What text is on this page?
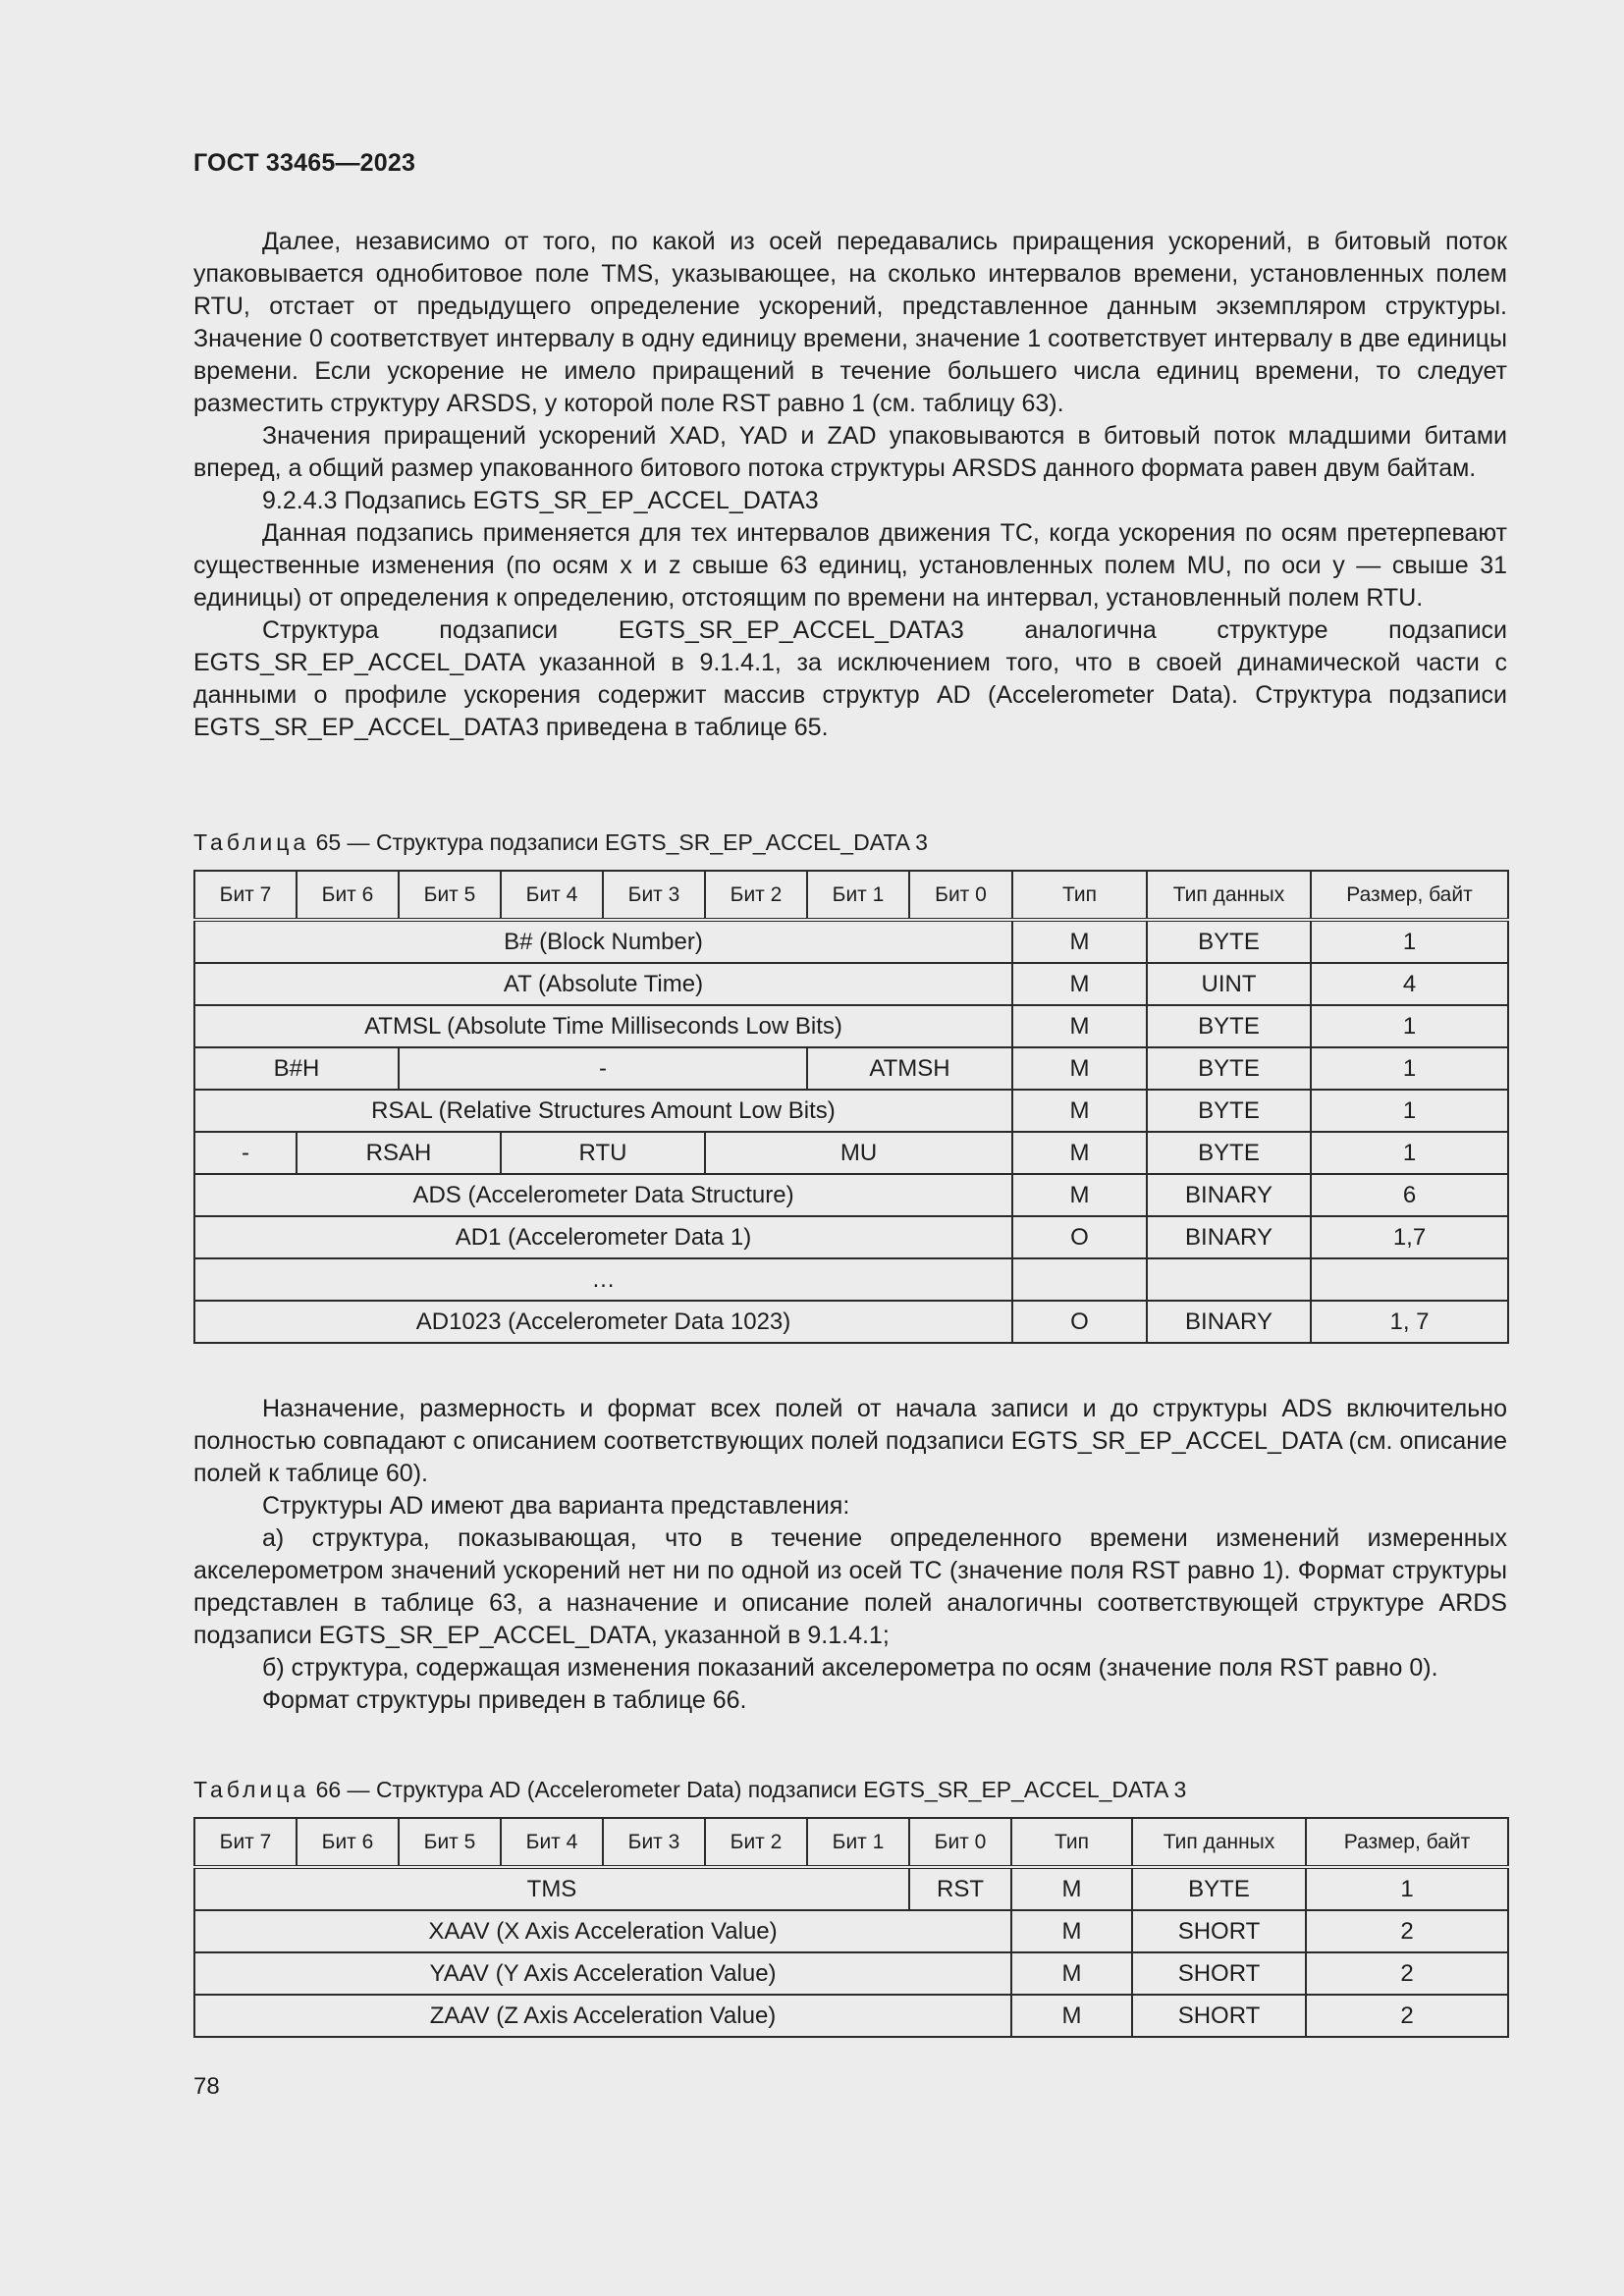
ГОСТ 33465—2023

Далее, независимо от того, по какой из осей передавались приращения ускорений, в битовый поток упаковывается однобитовое поле TMS, указывающее, на сколько интервалов времени, установленных полем RTU, отстает от предыдущего определение ускорений, представленное данным экземпляром структуры. Значение 0 соответствует интервалу в одну единицу времени, значение 1 соответствует интервалу в две единицы времени. Если ускорение не имело приращений в течение большего числа единиц времени, то следует разместить структуру ARSDS, у которой поле RST равно 1 (см. таблицу 63).

Значения приращений ускорений XAD, YAD и ZAD упаковываются в битовый поток младшими битами вперед, а общий размер упакованного битового потока структуры ARSDS данного формата равен двум байтам.

9.2.4.3 Подзапись EGTS_SR_EP_ACCEL_DATA3

Данная подзапись применяется для тех интервалов движения ТС, когда ускорения по осям претерпевают существенные изменения (по осям x и z свыше 63 единиц, установленных полем MU, по оси y — свыше 31 единицы) от определения к определению, отстоящим по времени на интервал, установленный полем RTU.

Структура подзаписи EGTS_SR_EP_ACCEL_DATA3 аналогична структуре подзаписи EGTS_SR_EP_ACCEL_DATA указанной в 9.1.4.1, за исключением того, что в своей динамической части с данными о профиле ускорения содержит массив структур AD (Accelerometer Data). Структура подзаписи EGTS_SR_EP_ACCEL_DATA3 приведена в таблице 65.

Таблица 65 — Структура подзаписи EGTS_SR_EP_ACCEL_DATA 3

Бит 7	Бит 6	Бит 5	Бит 4	Бит 3	Бит 2	Бит 1	Бит 0	Тип	Тип данных	Размер, байт
B# (Block Number)								M	BYTE	1
AT (Absolute Time)								M	UINT	4
ATMSL (Absolute Time Milliseconds Low Bits)								M	BYTE	1
B#H		-				ATMSH		M	BYTE	1
RSAL (Relative Structures Amount Low Bits)								M	BYTE	1
-	RSAH		RTU		MU			M	BYTE	1
ADS (Accelerometer Data Structure)								M	BINARY	6
AD1 (Accelerometer Data 1)								O	BINARY	1,7
…										
AD1023 (Accelerometer Data 1023)								O	BINARY	1, 7

Назначение, размерность и формат всех полей от начала записи и до структуры ADS включительно полностью совпадают с описанием соответствующих полей подзаписи EGTS_SR_EP_ACCEL_DATA (см. описание полей к таблице 60).

Структуры AD имеют два варианта представления:

а) структура, показывающая, что в течение определенного времени изменений измеренных акселерометром значений ускорений нет ни по одной из осей ТС (значение поля RST равно 1). Формат структуры представлен в таблице 63, а назначение и описание полей аналогичны соответствующей структуре ARDS подзаписи EGTS_SR_EP_ACCEL_DATA, указанной в 9.1.4.1;

б) структура, содержащая изменения показаний акселерометра по осям (значение поля RST равно 0).

Формат структуры приведен в таблице 66.

Таблица 66 — Структура AD (Accelerometer Data) подзаписи EGTS_SR_EP_ACCEL_DATA 3

Бит 7	Бит 6	Бит 5	Бит 4	Бит 3	Бит 2	Бит 1	Бит 0	Тип	Тип данных	Размер, байт
TMS							RST	M	BYTE	1
XAAV (X Axis Acceleration Value)								M	SHORT	2
YAAV (Y Axis Acceleration Value)								M	SHORT	2
ZAAV (Z Axis Acceleration Value)								M	SHORT	2
78
